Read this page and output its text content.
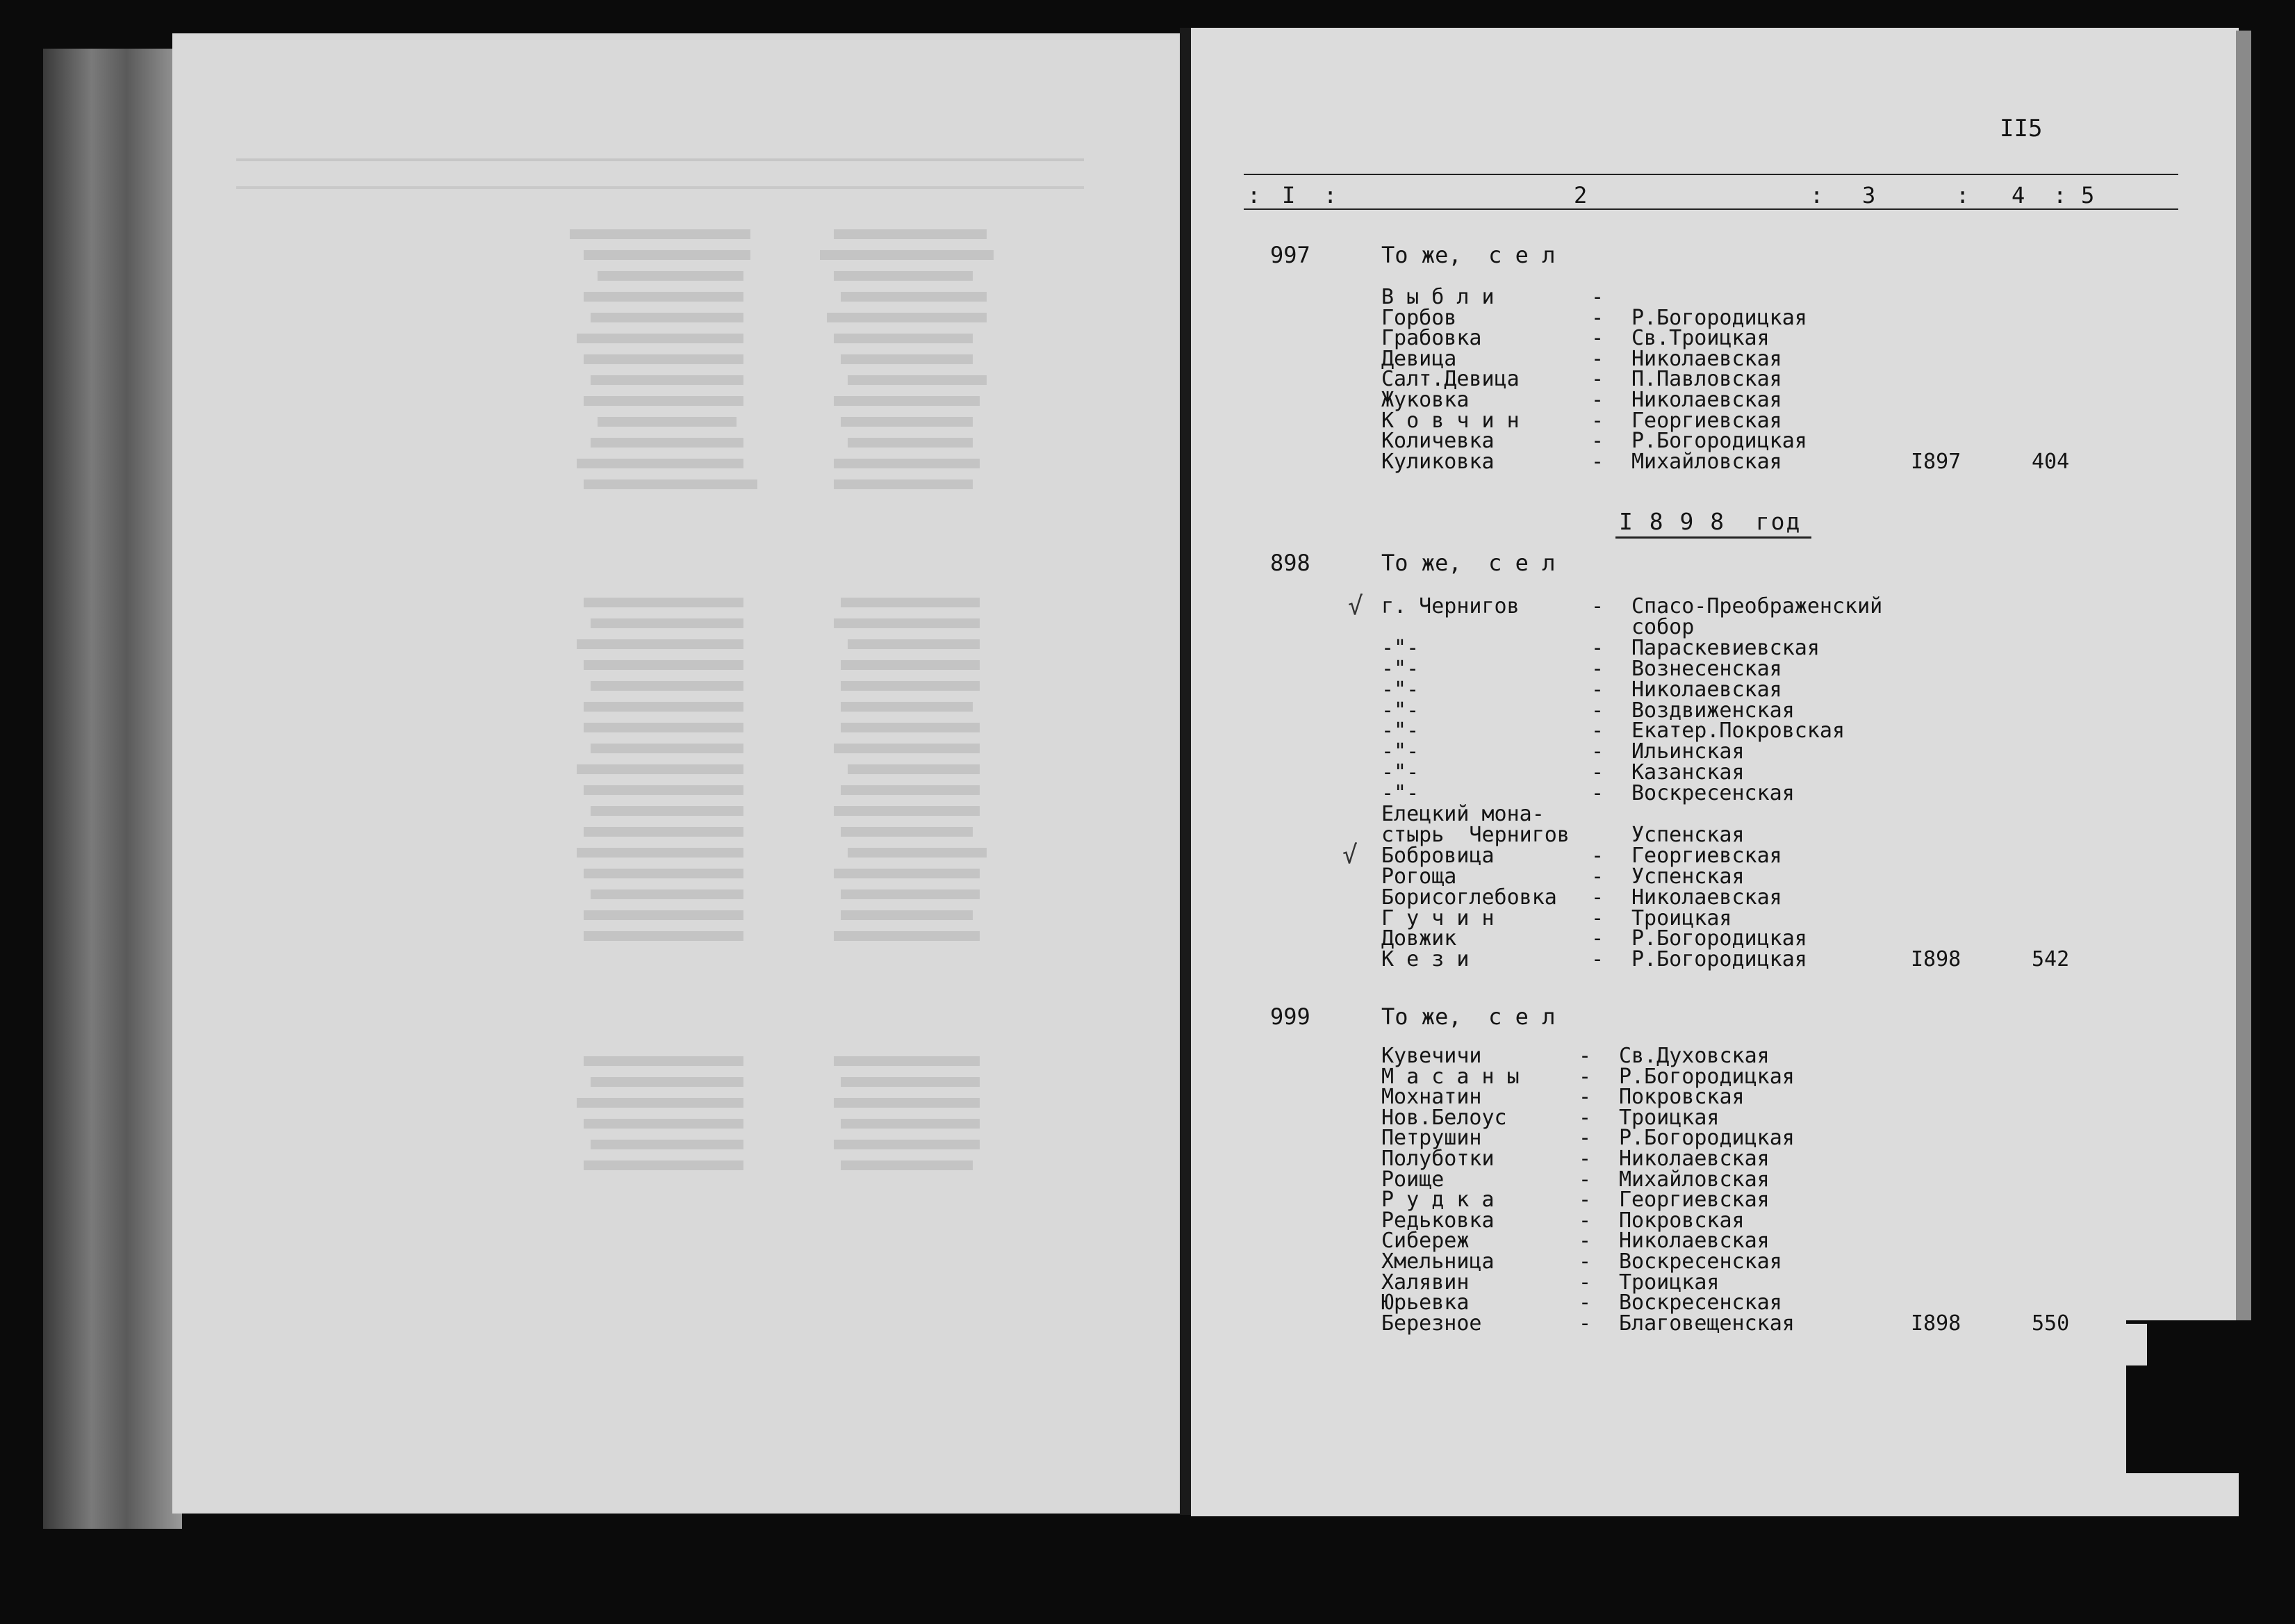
II5
: I :	2	: 3	: 4 : 5
I 8 9 8  год
√
√
997	То же,  с е л
В ы б л и	-
Горбов	- Р.Богородицкая
Грабовка	- Св.Троицкая
Девица	- Николаевская
Салт.Девица	- П.Павловская
Жуковка	- Николаевская
К о в ч и н	- Георгиевская
Количевка	- Р.Богородицкая
Куликовка	- Михайловская	I897	404
898	То же,  с е л
г. Чернигов	- Спасо-Преображенский
собор
-"-	- Параскевиевская
-"-	- Вознесенская
-"-	- Николаевская
-"-	- Воздвиженская
-"-	- Екатер.Покровская
-"-	- Ильинская
-"-	- Казанская
-"-	- Воскресенская
Елецкий мона-
стырь  Чернигов	Успенская
Бобровица	- Георгиевская
Рогоща	- Успенская
Борисоглебовка - Николаевская
Г у ч и н	- Троицкая
Довжик	- Р.Богородицкая
К е з и	- Р.Богородицкая	I898	542
999	То же,  с е л
Кувечичи	- Св.Духовская
М а с а н ы	- Р.Богородицкая
Мохнатин	- Покровская
Нов.Белоус	- Троицкая
Петрушин	- Р.Богородицкая
Полуботки	- Николаевская
Роище	- Михайловская
Р у д к а	- Георгиевская
Редьковка	- Покровская
Сибереж	- Николаевская
Хмельница	- Воскресенская
Халявин	- Троицкая
Юрьевка	- Воскресенская
Березное	- Благовещенская	I898	550
